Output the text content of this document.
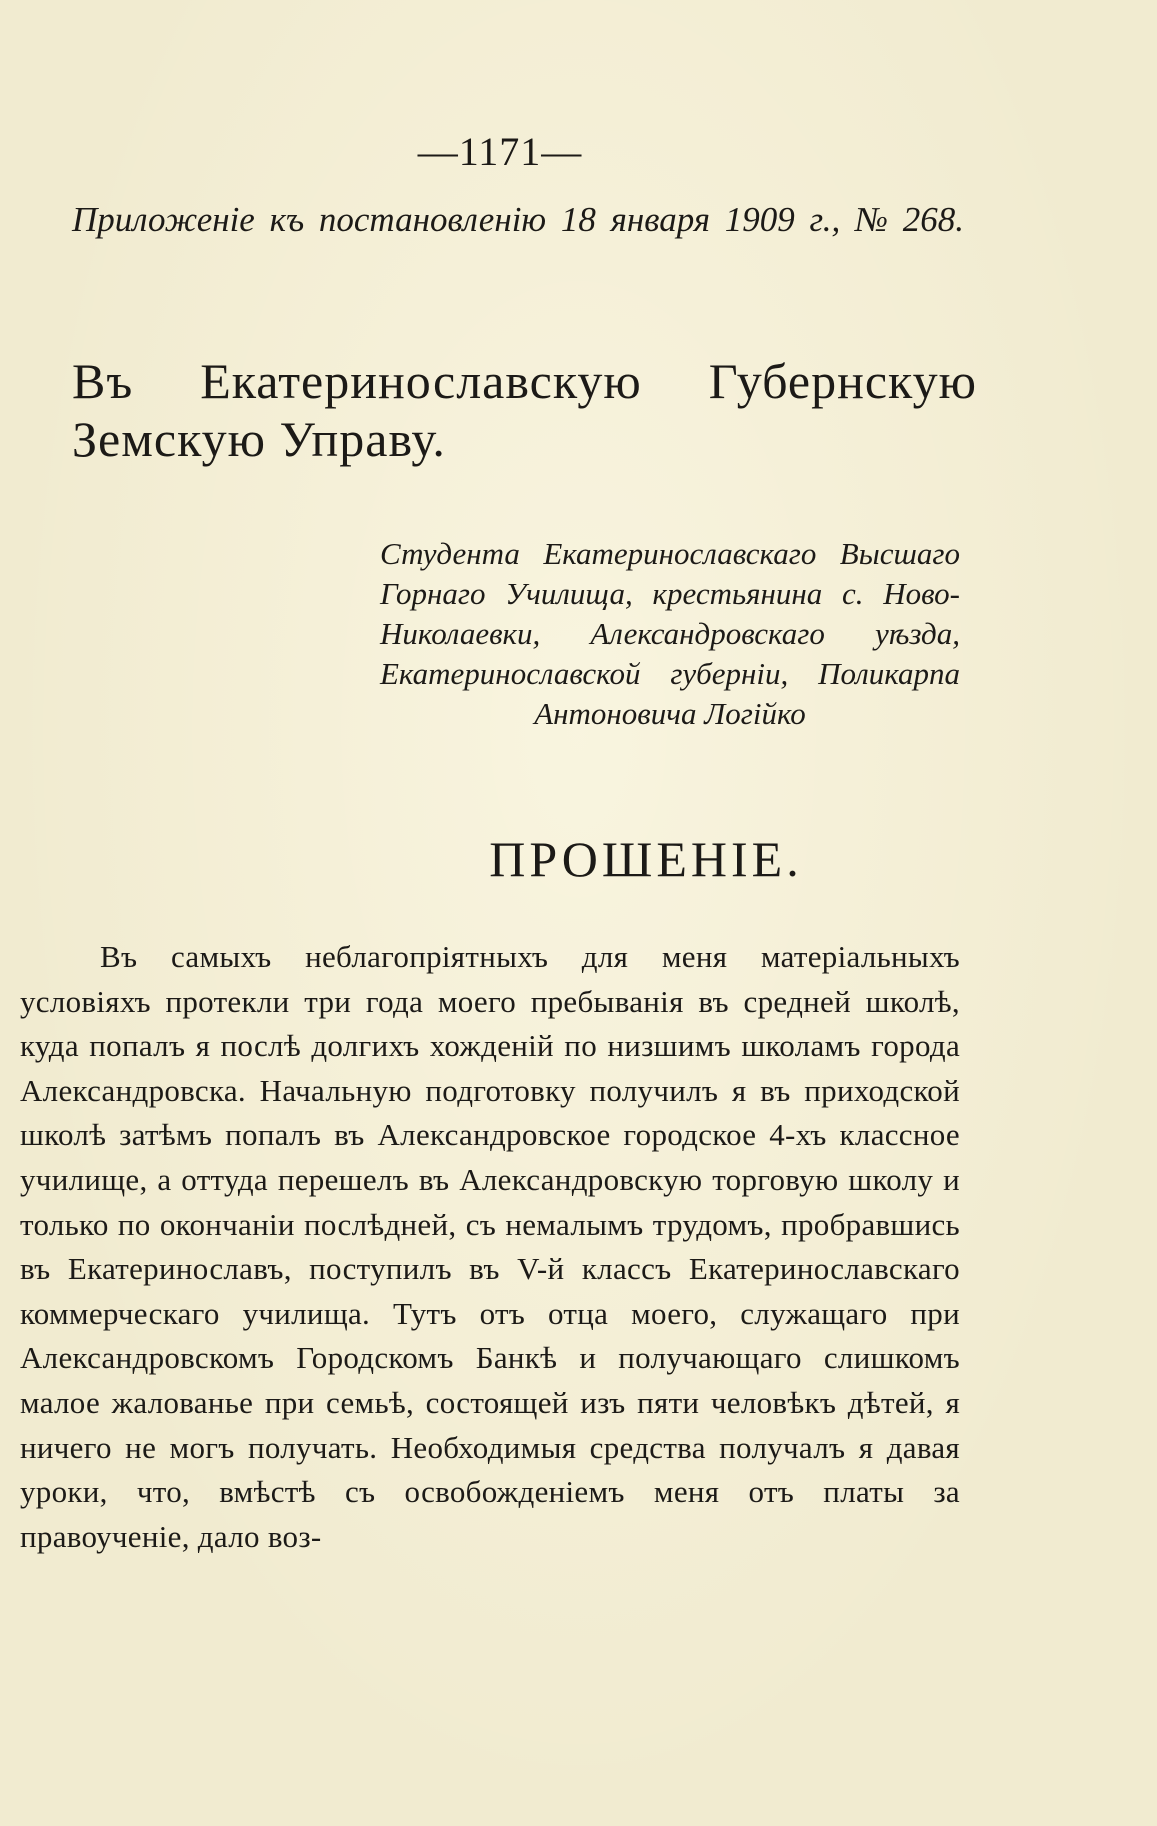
—1171—
Приложеніе къ постановленію 18 января 1909 г., № 268.
Въ Екатеринославскую Губернскую Земскую Управу.
Студента Екатеринославскаго Высшаго Горнаго Училища, крестьянина с. Ново-Николаевки, Александровскаго уѣзда, Екатеринославской губерніи, Поликарпа Антоновича Логійко
ПРОШЕНІЕ.
Въ самыхъ неблагопріятныхъ для меня матеріальныхъ условіяхъ протекли три года моего пребыванія въ средней школѣ, куда попалъ я послѣ долгихъ хожденій по низшимъ школамъ города Александровска. Начальную подготовку получилъ я въ приходской школѣ затѣмъ попалъ въ Александровское городское 4-хъ классное училище, а оттуда перешелъ въ Александровскую торговую школу и только по окончаніи послѣдней, съ немалымъ трудомъ, пробравшись въ Екатеринославъ, поступилъ въ V-й классъ Екатеринославскаго коммерческаго училища. Тутъ отъ отца моего, служащаго при Александровскомъ Городскомъ Банкѣ и получающаго слишкомъ малое жалованье при семьѣ, состоящей изъ пяти человѣкъ дѣтей, я ничего не могъ получать. Необходимыя средства получалъ я давая уроки, что, вмѣстѣ съ освобожденіемъ меня отъ платы за правоученіе, дало воз-
